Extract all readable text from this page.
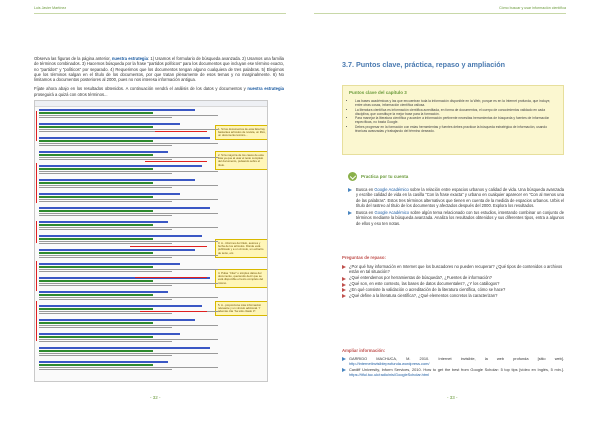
Luis Javier Martínez	Cómo buscar y usar información científica

Observa las figuras de la página anterior, nuestra estrategia: 1) Usamos el formulario de búsqueda avanzada. 2) Usamos una familia de términos combinados. 3) Hacemos búsqueda por la frase “partidos políticos” para los documentos que incluyan ese término exacto, no “partidos” y “políticos” por separado. 4) Requerimos que los documentos tengan alguno cualquiera de tres palabras. 5) Elegimos que los términos salgan en el título de los documentos, por que tratan plenamente de esos temas y no marginalmente. 6) No limitamos a documentos posteriores al 2000, pues no nos interesa información antigua.

Fíjate ahora abajo en los resultados obtenidos. A continuación vendrá el análisis de los datos y documentos y nuestra estrategia proseguirá a quizá con otros términos...

1. Si los documentos de esta lista hay bastantes artículos de revista, un libro, un documento técnico...
2. Si la mayoría de los casos de esta lista ya que al usar el texto completo del documento, pulsando sobre el título.
3. A - informes del título, autores y fecha de los artículos. Dónde está publicado y a un vínculo, un extracto de texto, etc.
4. Pulsa “Citar” o simples datos del documento, queriendo decir que se está disponible el texto completo del mismo.
5. A - proporciona más información relevante y un vínculo adicional. Y además cita “ha sido citado 3”.
3.7. Puntos clave, práctica, repaso y ampliación
Puntos clave del capítulo 3
• Las bases académicas y las que encuentran toda la información disponible en la Web, porque es en la Internet profunda, que incluye, entre otras cosas, información científica valiosa.
• La literatura científica es información científica acreditada, en forma de documentos, el cuerpo de conocimientos validado en cada disciplina, que constituye la mejor base para la formación.
• Para manejar la literatura científica y acceder a información pertinente necesitas herramientas de búsqueda y fuentes de información específicas, no basta Google.
• Debes progresar en la formación con estas herramientas y fuentes debes practicar la búsqueda estratégica de información, usando técnicas avanzadas y trabajando del término deseado.
Practica por tu cuenta
Busca en Google Académico sobre la relación entre espacios urbanos y calidad de vida. Una búsqueda avanzada y escribe calidad de vida en la casilla “Con la frase exacta” y urbano en cualquier aparecer en “Con al menos una de las palabras”. Estos tres términos alternativos que tienen en cuenta de la medida de espacios urbanos. Urbis el título del rastreo al título de los documentos y afectados después del 2000. Explora los resultados.
Busca en Google Académico sobre algún tema relacionado con tus estudios, intentando combinar un conjunto de términos mediante la búsqueda avanzada. Analiza los resultados obtenidos y sus diferentes tipos, entra a algunos de ellos y eso ten notas.
Preguntas de repaso:
¿Por qué hay información en Internet que los buscadores no pueden recuperar? ¿Qué tipos de contenidos o archivos están en tal situación?
¿Qué entendemos por herramientas de búsqueda?, ¿Fuentes de información?
¿Qué son, en este contexto, las bases de datos documentales?, ¿Y los catálogos?
¿En qué consiste la validación o acreditación de la literatura científica, cómo se hace?
¿Qué define a la literatura científica?, ¿Qué elementos concretos la caracterizan?
Ampliar información:
GARRIDO MACHUCA, M. 2010. Internet invisible, la web profunda [sitio web]. http://internetinvisibleprofunda.wordpress.com/
Cardiff University, Inform Services, 2010. How to get the best from Google Scholar: 5 top tips [vídeo en Inglés, 5 min.]. https://tiful.tuc.uk/radio/nis/GoogleScholar.html
- 32 -	- 33 -
